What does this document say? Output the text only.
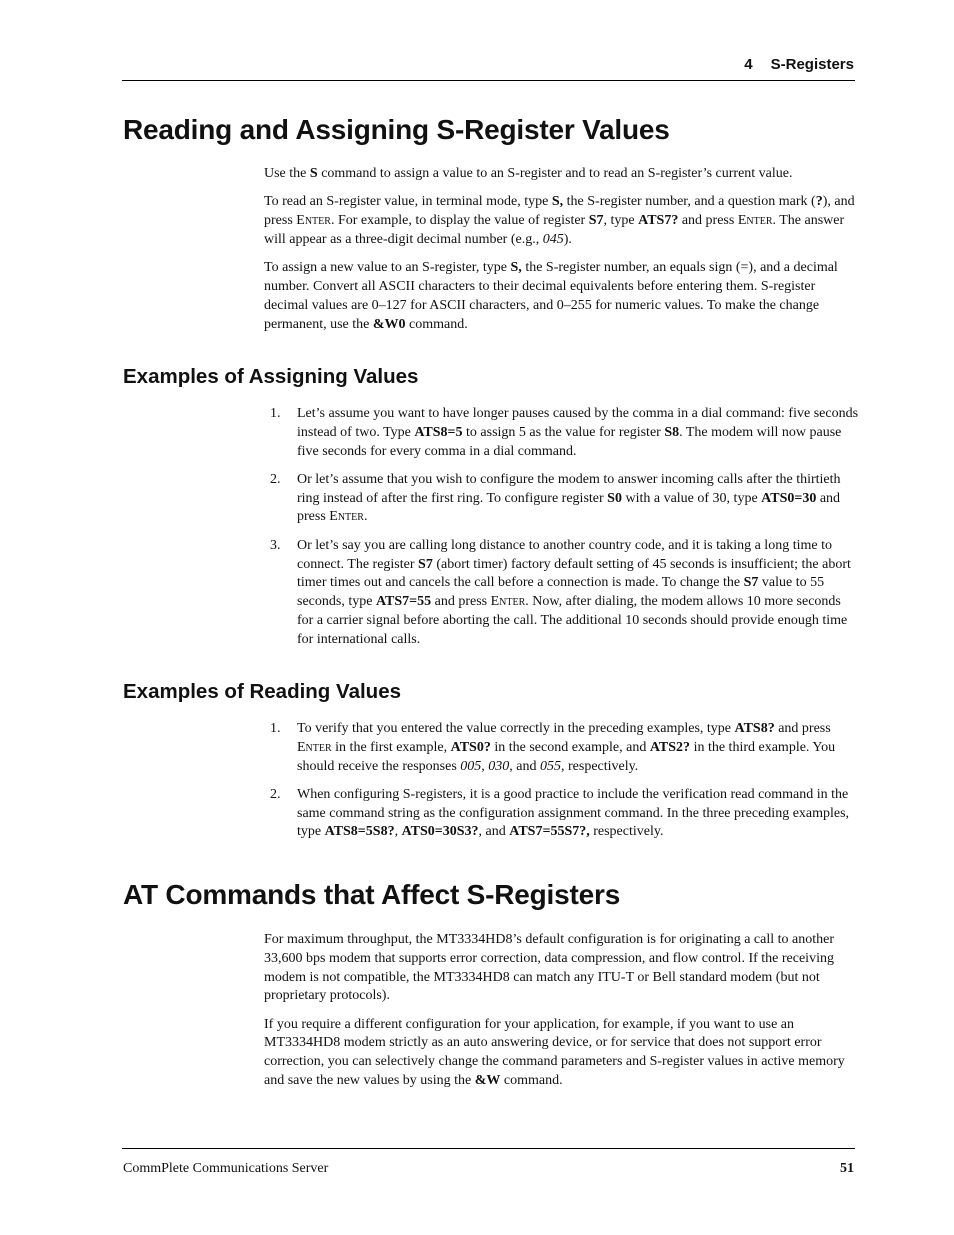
4 S-Registers
Reading and Assigning S-Register Values

Use the S command to assign a value to an S-register and to read an S-register’s current value.

To read an S-register value, in terminal mode, type S, the S-register number, and a question mark (?), and press Enter. For example, to display the value of register S7, type ATS7? and press Enter. The answer will appear as a three-digit decimal number (e.g., 045).

To assign a new value to an S-register, type S, the S-register number, an equals sign (=), and a decimal number. Convert all ASCII characters to their decimal equivalents before entering them. S-register decimal values are 0–127 for ASCII characters, and 0–255 for numeric values. To make the change permanent, use the &W0 command.

Examples of Assigning Values
1. Let’s assume you want to have longer pauses caused by the comma in a dial command: five seconds instead of two. Type ATS8=5 to assign 5 as the value for register S8. The modem will now pause five seconds for every comma in a dial command.
2. Or let’s assume that you wish to configure the modem to answer incoming calls after the thirtieth ring instead of after the first ring. To configure register S0 with a value of 30, type ATS0=30 and press Enter.
3. Or let’s say you are calling long distance to another country code, and it is taking a long time to connect. The register S7 (abort timer) factory default setting of 45 seconds is insufficient; the abort timer times out and cancels the call before a connection is made. To change the S7 value to 55 seconds, type ATS7=55 and press Enter. Now, after dialing, the modem allows 10 more seconds for a carrier signal before aborting the call. The additional 10 seconds should provide enough time for international calls.
Examples of Reading Values
1. To verify that you entered the value correctly in the preceding examples, type ATS8? and press Enter in the first example, ATS0? in the second example, and ATS2? in the third example. You should receive the responses 005, 030, and 055, respectively.
2. When configuring S-registers, it is a good practice to include the verification read command in the same command string as the configuration assignment command. In the three preceding examples, type ATS8=5S8?, ATS0=30S3?, and ATS7=55S7?, respectively.
AT Commands that Affect S-Registers

For maximum throughput, the MT3334HD8’s default configuration is for originating a call to another 33,600 bps modem that supports error correction, data compression, and flow control. If the receiving modem is not compatible, the MT3334HD8 can match any ITU-T or Bell standard modem (but not proprietary protocols).

If you require a different configuration for your application, for example, if you want to use an MT3334HD8 modem strictly as an auto answering device, or for service that does not support error correction, you can selectively change the command parameters and S-register values in active memory and save the new values by using the &W command.

CommPlete Communications Server	51
